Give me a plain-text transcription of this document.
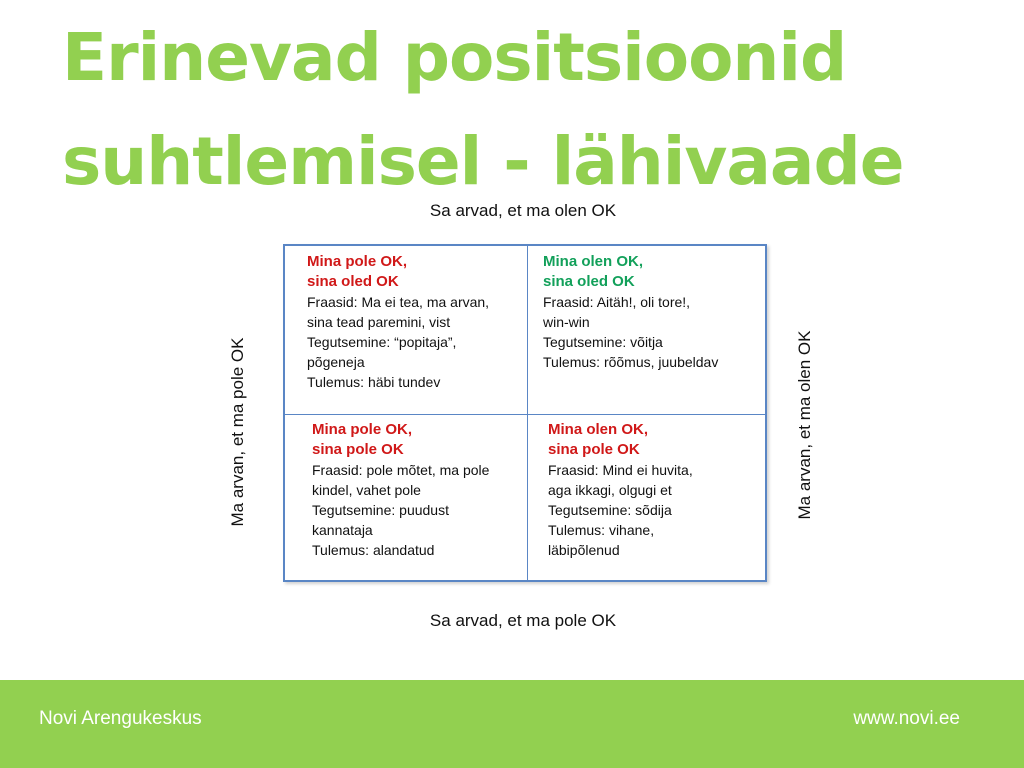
Erinevad positsioonid
suhtlemisel - lähivaade
Sa arvad, et ma olen OK
Ma arvan, et ma pole OK	Ma arvan, et ma olen OK
Sa arvad, et ma pole OK
Mina pole OK,
sina oled OK
Fraasid: Ma ei tea, ma arvan,
sina tead paremini, vist
Tegutsemine: “popitaja”,
põgeneja
Tulemus: häbi tundev
Mina olen OK,
sina oled OK
Fraasid: Aitäh!, oli tore!,
win-win
Tegutsemine: võitja
Tulemus: rõõmus, juubeldav
Mina pole OK,
sina pole OK
Fraasid: pole mõtet, ma pole
kindel, vahet pole
Tegutsemine: puudust
kannataja
Tulemus: alandatud
Mina olen OK,
sina pole OK
Fraasid: Mind ei huvita,
aga ikkagi, olgugi et
Tegutsemine: sõdija
Tulemus: vihane,
läbipõlenud
Novi Arengukeskus	www.novi.ee
